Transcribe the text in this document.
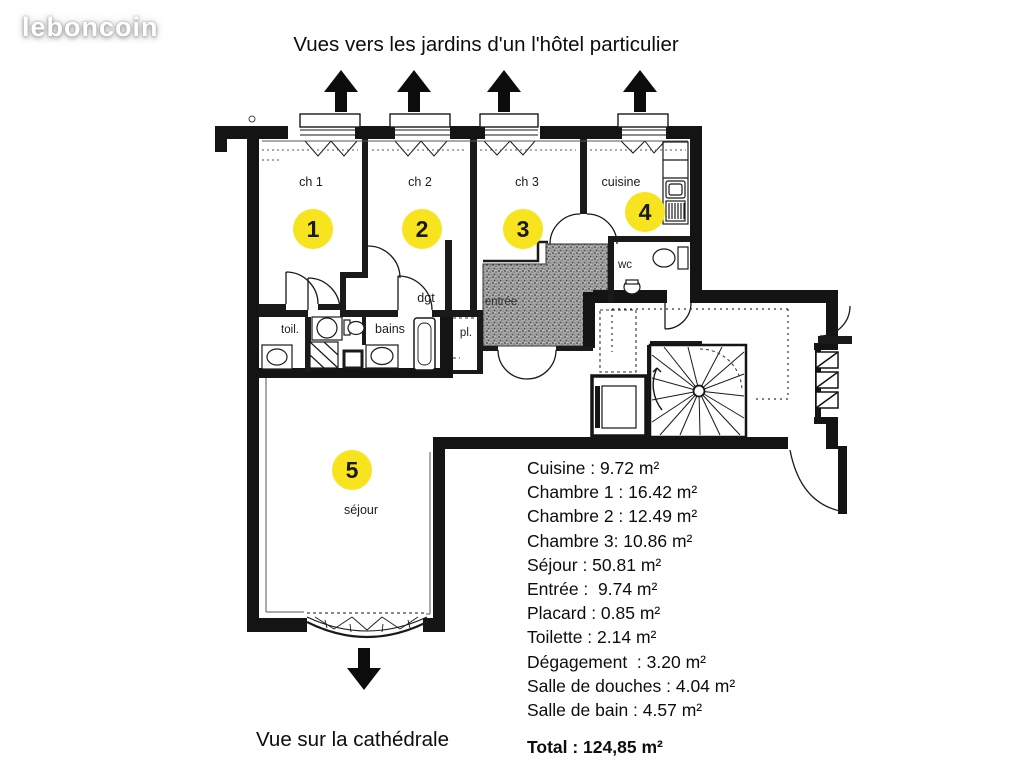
leboncoin
Vues vers les jardins d'un l'hôtel particulier
Vue sur la cathédrale
ch 1	ch 2	ch 3	cuisine
wc
dgt
toil.	bains	pl.
entrée
séjour
1	2	3
4
5	Cuisine : 9.72 m²
Chambre 1 : 16.42 m²
Chambre 2 : 12.49 m²
Chambre 3: 10.86 m²
Séjour : 50.81 m²
Entrée :  9.74 m²
Placard : 0.85 m²
Toilette : 2.14 m²
Dégagement  : 3.20 m²
Salle de douches : 4.04 m²
Salle de bain : 4.57 m²
Total : 124,85 m²
